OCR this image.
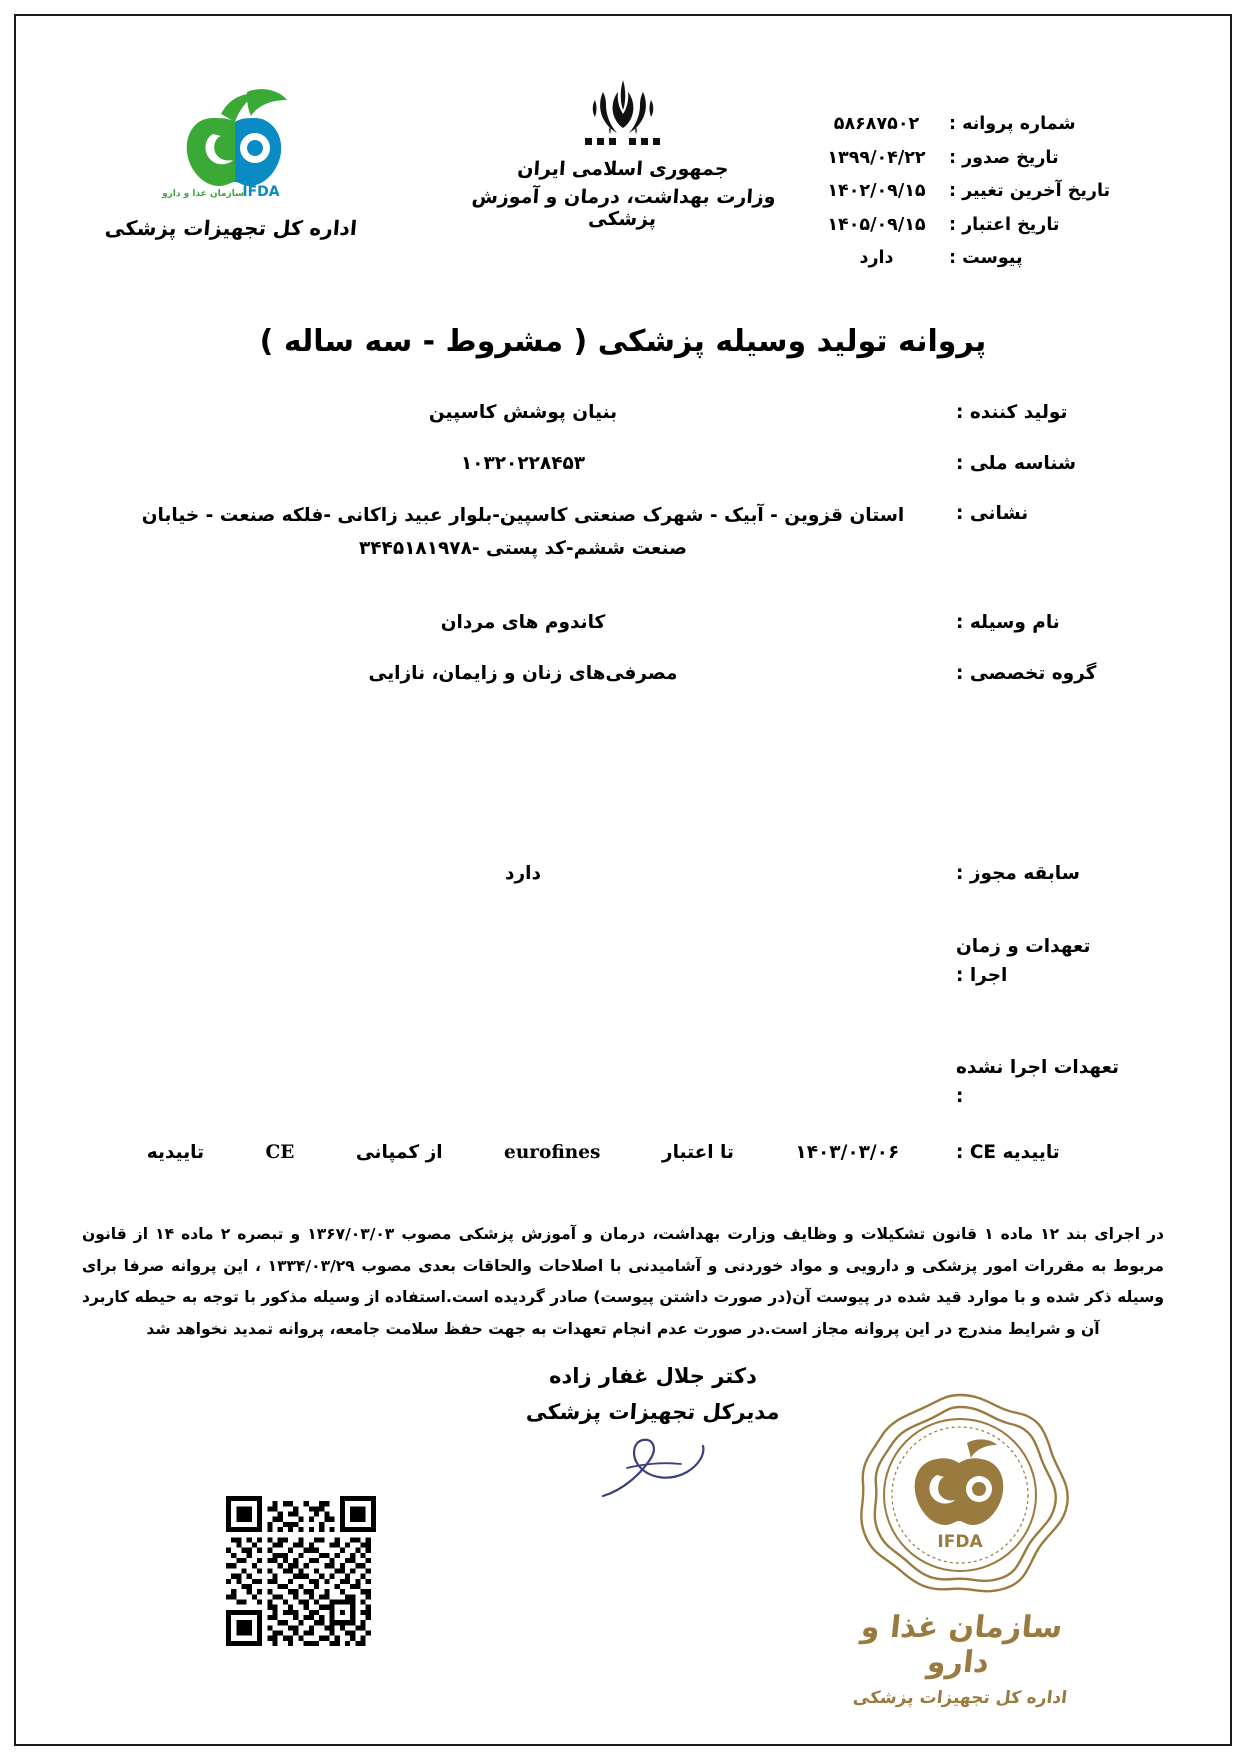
شماره پروانه :
۵۸۶۸۷۵۰۲
تاریخ صدور :
۱۳۹۹/۰۴/۲۲
تاریخ آخرین تغییر :
۱۴۰۲/۰۹/۱۵
تاریخ اعتبار :
۱۴۰۵/۰۹/۱۵
پیوست :
دارد
جمهوری اسلامی ایران
وزارت بهداشت، درمان و آموزش پزشکی
IFDA
سازمان غذا و دارو
اداره کل تجهیزات پزشکی
پروانه تولید وسیله پزشکی ( مشروط - سه ساله )
تولید کننده :
بنیان پوشش کاسپین
شناسه ملی :
۱۰۳۲۰۲۲۸۴۵۳
نشانی :
استان قزوین - آبیک - شهرک صنعتی کاسپین-بلوار عبید زاکانی -فلکه صنعت - خیابان صنعت ششم-کد پستی -۳۴۴۵۱۸۱۹۷۸
نام وسیله :
کاندوم های مردان
گروه تخصصی :
مصرفی‌های زنان و زایمان، نازایی
سابقه مجوز :
دارد
تعهدات و زمان اجرا :
تعهدات اجرا نشده :
تاییدیه CE :
۱۴۰۳/۰۳/۰۶
تا اعتبار
eurofines
از کمپانی
CE
تاییدیه
در اجرای بند ۱۲ ماده ۱ قانون تشکیلات و وظایف وزارت بهداشت، درمان و آموزش پزشکی مصوب ۱۳۶۷/۰۳/۰۳ و تبصره ۲ ماده ۱۴ از قانون مربوط به مقررات امور پزشکی و دارویی و مواد خوردنی و آشامیدنی با اصلاحات والحاقات بعدی مصوب ۱۳۳۴/۰۳/۲۹ ، این پروانه صرفا برای وسیله ذکر شده و با موارد قید شده در پیوست آن(در صورت داشتن پیوست) صادر گردیده است.استفاده از وسیله مذکور با توجه به حیطه کاربرد آن و شرایط مندرج در این پروانه مجاز است.در صورت عدم انجام تعهدات به جهت حفظ سلامت جامعه، پروانه تمدید نخواهد شد
دکتر جلال غفار زاده
مدیرکل تجهیزات پزشکی
IFDA
سازمان غذا و دارو
اداره کل تجهیزات پزشکی
